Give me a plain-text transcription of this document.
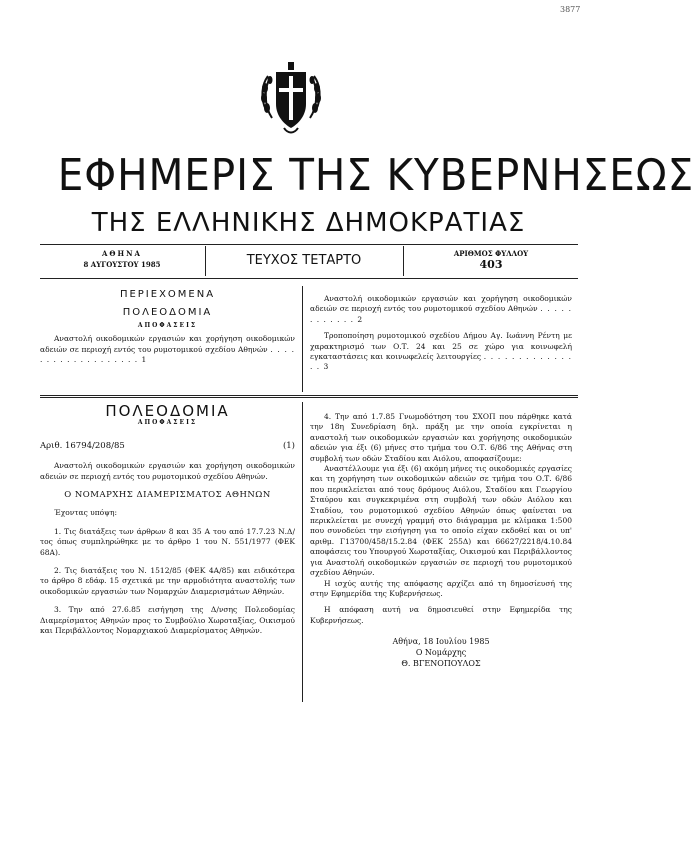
3877
ΕΦΗΜΕΡΙΣ ΤΗΣ ΚΥΒΕΡΝΗΣΕΩΣ
ΤΗΣ ΕΛΛΗΝΙΚΗΣ ΔΗΜΟΚΡΑΤΙΑΣ
ΑΘΗΝΑ
8 ΑΥΓΟΥΣΤΟΥ 1985	ΤΕΥΧΟΣ ΤΕΤΑΡΤΟ	ΑΡΙΘΜΟΣ ΦΥΛΛΟΥ
403
ΠΕΡΙΕΧΟΜΕΝΑ
ΠΟΛΕΟΔΟΜΙΑ
ΑΠΟΦΑΣΕΙΣ
Αναστολή οικοδομικών εργασιών και χορήγηση οικοδομικών αδειών σε περιοχή εντός του ρυμοτομικού σχεδίου Αθηνών . . . . . . . . . . . . . . . . . . . 1
Αναστολή οικοδομικών εργασιών και χορήγηση οικοδομικών αδειών σε περιοχή εντός του ρυμοτομικού σχεδίου Αθηνών . . . . . . . . . . . . 2
Τροποποίηση ρυμοτομικού σχεδίου Δήμου Αγ. Ιωάννη Ρέντη με χαρακτηρισμό των Ο.Τ. 24 και 25 σε χώρο για κοινωφελή εγκαταστάσεις και κοινωφελείς λειτουργίες . . . . . . . . . . . . . . . 3
ΠΟΛΕΟΔΟΜΙΑ
ΑΠΟΦΑΣΕΙΣ
Αριθ. 16794/208/85	(1)
Αναστολή οικοδομικών εργασιών και χορήγηση οικοδομικών αδειών σε περιοχή εντός του ρυμοτομικού σχεδίου Αθηνών.
Ο ΝΟΜΑΡΧΗΣ ΔΙΑΜΕΡΙΣΜΑΤΟΣ ΑΘΗΝΩΝ
Έχοντας υπόψη:
1. Τις διατάξεις των άρθρων 8 και 35 Α του από 17.7.23 Ν.Δ/τος όπως συμπληρώθηκε με το άρθρο 1 του Ν. 551/1977 (ΦΕΚ 68Α).
2. Τις διατάξεις του Ν. 1512/85 (ΦΕΚ 4Α/85) και ειδικότερα το άρθρο 8 εδάφ. 15 σχετικά με την αρμοδιότητα αναστολής των οικοδομικών εργασιών των Νομαρχών Διαμερισμάτων Αθηνών.
3. Την από 27.6.85 εισήγηση της Δ/νσης Πολεοδομίας Διαμερίσματος Αθηνών προς το Συμβούλιο Χωροταξίας, Οικισμού και Περιβάλλοντος Νομαρχιακού Διαμερίσματος Αθηνών.
4. Την από 1.7.85 Γνωμοδότηση του ΣΧΟΠ που πάρθηκε κατά την 18η Συνεδρίαση δηλ. πράξη με την οποία εγκρίνεται η αναστολή των οικοδομικών εργασιών και χορήγησης οικοδομικών αδειών για έξι (6) μήνες στο τμήμα του Ο.Τ. 6/86 της Αθήνας στη συμβολή των οδών Σταδίου και Αιόλου, αποφασίζουμε:
Αναστέλλουμε για έξι (6) ακόμη μήνες τις οικοδομικές εργασίες και τη χορήγηση των οικοδομικών αδειών σε τμήμα του Ο.Τ. 6/86 που περικλείεται από τους δρόμους Αιόλου, Σταδίου και Γεωργίου Σταύρου και συγκεκριμένα στη συμβολή των οδών Αιόλου και Σταδίου, του ρυμοτομικού σχεδίου Αθηνών όπως φαίνεται να περικλείεται με συνεχή γραμμή στο διάγραμμα με κλίμακα 1:500 που συνοδεύει την εισήγηση για το οποίο είχαν εκδοθεί και οι υπ' αριθμ. Γ13700/458/15.2.84 (ΦΕΚ 255Δ) και 66627/2218/4.10.84 αποφάσεις του Υπουργού Χωροταξίας, Οικισμού και Περιβάλλοντος για Αναστολή οικοδομικών εργασιών σε περιοχή του ρυμοτομικού σχεδίου Αθηνών.
Η ισχύς αυτής της απόφασης αρχίζει από τη δημοσίευσή της στην Εφημερίδα της Κυβερνήσεως.
Η απόφαση αυτή να δημοσιευθεί στην Εφημερίδα της Κυβερνήσεως.
Αθήνα, 18 Ιουλίου 1985
Ο Νομάρχης
Θ. ΒΓΕΝΟΠΟΥΛΟΣ
